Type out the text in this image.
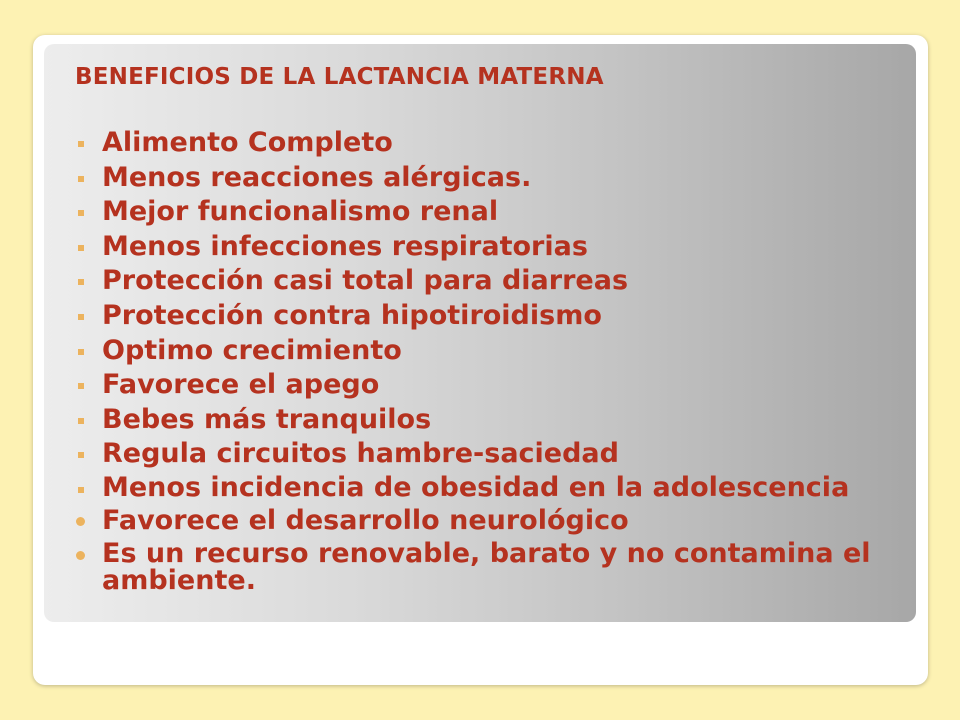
BENEFICIOS DE LA LACTANCIA MATERNA
Alimento Completo
Menos reacciones alérgicas.
Mejor funcionalismo renal
Menos infecciones respiratorias
Protección casi total para diarreas
Protección contra hipotiroidismo
Optimo crecimiento
Favorece el apego
Bebes más tranquilos
Regula circuitos hambre-saciedad
Menos incidencia de obesidad en la adolescencia
Favorece el desarrollo neurológico
Es un recurso renovable, barato y no contamina el ambiente.
